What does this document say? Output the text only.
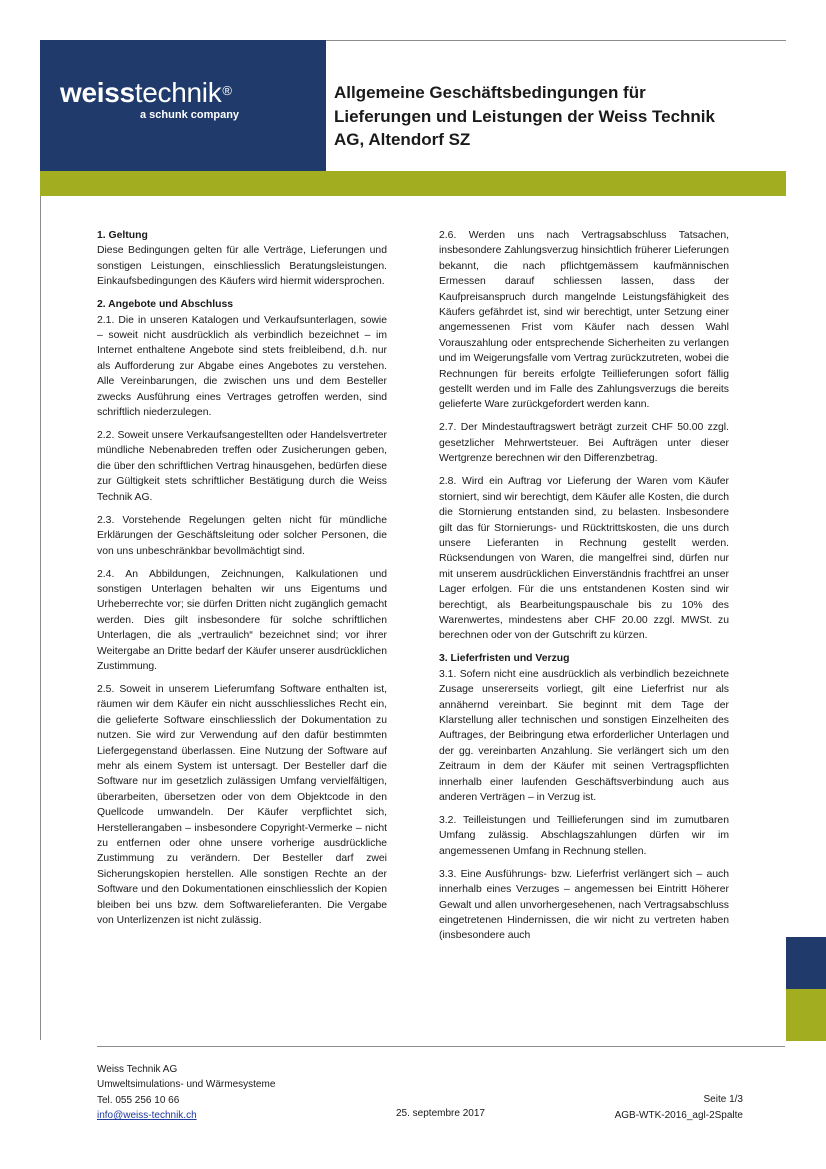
weisstechnik®
a schunk company
Allgemeine Geschäftsbedingungen für Lieferungen und Leistungen der Weiss Technik AG, Altendorf SZ
1. Geltung

Diese Bedingungen gelten für alle Verträge, Lieferungen und sonstigen Leistungen, einschliesslich Beratungsleistungen. Einkaufsbedingungen des Käufers wird hiermit widersprochen.

2. Angebote und Abschluss

2.1. Die in unseren Katalogen und Verkaufsunterlagen, sowie – soweit nicht ausdrücklich als verbindlich bezeichnet – im Internet enthaltene Angebote sind stets freibleibend, d.h. nur als Aufforderung zur Abgabe eines Angebotes zu verstehen. Alle Vereinbarungen, die zwischen uns und dem Besteller zwecks Ausführung eines Vertrages getroffen werden, sind schriftlich niederzulegen.

2.2. Soweit unsere Verkaufsangestellten oder Handelsvertreter mündliche Nebenabreden treffen oder Zusicherungen geben, die über den schriftlichen Vertrag hinausgehen, bedürfen diese zur Gültigkeit stets schriftlicher Bestätigung durch die Weiss Technik AG.

2.3. Vorstehende Regelungen gelten nicht für mündliche Erklärungen der Geschäftsleitung oder solcher Personen, die von uns unbeschränkbar bevollmächtigt sind.

2.4. An Abbildungen, Zeichnungen, Kalkulationen und sonstigen Unterlagen behalten wir uns Eigentums und Urheberrechte vor; sie dürfen Dritten nicht zugänglich gemacht werden. Dies gilt insbesondere für solche schriftlichen Unterlagen, die als „vertraulich“ bezeichnet sind; vor ihrer Weitergabe an Dritte bedarf der Käufer unserer ausdrücklichen Zustimmung.

2.5. Soweit in unserem Lieferumfang Software enthalten ist, räumen wir dem Käufer ein nicht ausschliessliches Recht ein, die gelieferte Software einschliesslich der Dokumentation zu nutzen. Sie wird zur Verwendung auf den dafür bestimmten Liefergegenstand überlassen. Eine Nutzung der Software auf mehr als einem System ist untersagt. Der Besteller darf die Software nur im gesetzlich zulässigen Umfang vervielfältigen, überarbeiten, übersetzen oder von dem Objektcode in den Quellcode umwandeln. Der Käufer verpflichtet sich, Herstellerangaben – insbesondere Copyright-Vermerke – nicht zu entfernen oder ohne unsere vorherige ausdrückliche Zustimmung zu verändern. Der Besteller darf zwei Sicherungskopien herstellen. Alle sonstigen Rechte an der Software und den Dokumentationen einschliesslich der Kopien bleiben bei uns bzw. dem Softwarelieferanten. Die Vergabe von Unterlizenzen ist nicht zulässig.

2.6. Werden uns nach Vertragsabschluss Tatsachen, insbesondere Zahlungsverzug hinsichtlich früherer Lieferungen bekannt, die nach pflichtgemässem kaufmännischen Ermessen darauf schliessen lassen, dass der Kaufpreisanspruch durch mangelnde Leistungsfähigkeit des Käufers gefährdet ist, sind wir berechtigt, unter Setzung einer angemessenen Frist vom Käufer nach dessen Wahl Vorauszahlung oder entsprechende Sicherheiten zu verlangen und im Weigerungsfalle vom Vertrag zurückzutreten, wobei die Rechnungen für bereits erfolgte Teillieferungen sofort fällig gestellt werden und im Falle des Zahlungsverzugs die bereits gelieferte Ware zurückgefordert werden kann.

2.7. Der Mindestauftragswert beträgt zurzeit CHF 50.00 zzgl. gesetzlicher Mehrwertsteuer. Bei Aufträgen unter dieser Wertgrenze berechnen wir den Differenzbetrag.

2.8. Wird ein Auftrag vor Lieferung der Waren vom Käufer storniert, sind wir berechtigt, dem Käufer alle Kosten, die durch die Stornierung entstanden sind, zu belasten. Insbesondere gilt das für Stornierungs- und Rücktrittskosten, die uns durch unsere Lieferanten in Rechnung gestellt werden. Rücksendungen von Waren, die mangelfrei sind, dürfen nur mit unserem ausdrücklichen Einverständnis frachtfrei an unser Lager erfolgen. Für die uns entstandenen Kosten sind wir berechtigt, als Bearbeitungspauschale bis zu 10% des Warenwertes, mindestens aber CHF 20.00 zzgl. MWSt. zu berechnen oder von der Gutschrift zu kürzen.

3. Lieferfristen und Verzug

3.1. Sofern nicht eine ausdrücklich als verbindlich bezeichnete Zusage unsererseits vorliegt, gilt eine Lieferfrist nur als annähernd vereinbart. Sie beginnt mit dem Tage der Klarstellung aller technischen und sonstigen Einzelheiten des Auftrages, der Beibringung etwa erforderlicher Unterlagen und der gg. vereinbarten Anzahlung. Sie verlängert sich um den Zeitraum in dem der Käufer mit seinen Vertragspflichten innerhalb einer laufenden Geschäftsverbindung auch aus anderen Verträgen – in Verzug ist.

3.2. Teilleistungen und Teillieferungen sind im zumutbaren Umfang zulässig. Abschlagszahlungen dürfen wir im angemessenen Umfang in Rechnung stellen.

3.3. Eine Ausführungs- bzw. Lieferfrist verlängert sich – auch innerhalb eines Verzuges – angemessen bei Eintritt Höherer Gewalt und allen unvorhergesehenen, nach Vertragsabschluss eingetretenen Hindernissen, die wir nicht zu vertreten haben (insbesondere auch

Weiss Technik AG
Umweltsimulations- und Wärmesysteme
Tel. 055 256 10 66
info@weiss-technik.ch	25. septembre 2017
Seite 1/3
AGB-WTK-2016_agl-2Spalte
